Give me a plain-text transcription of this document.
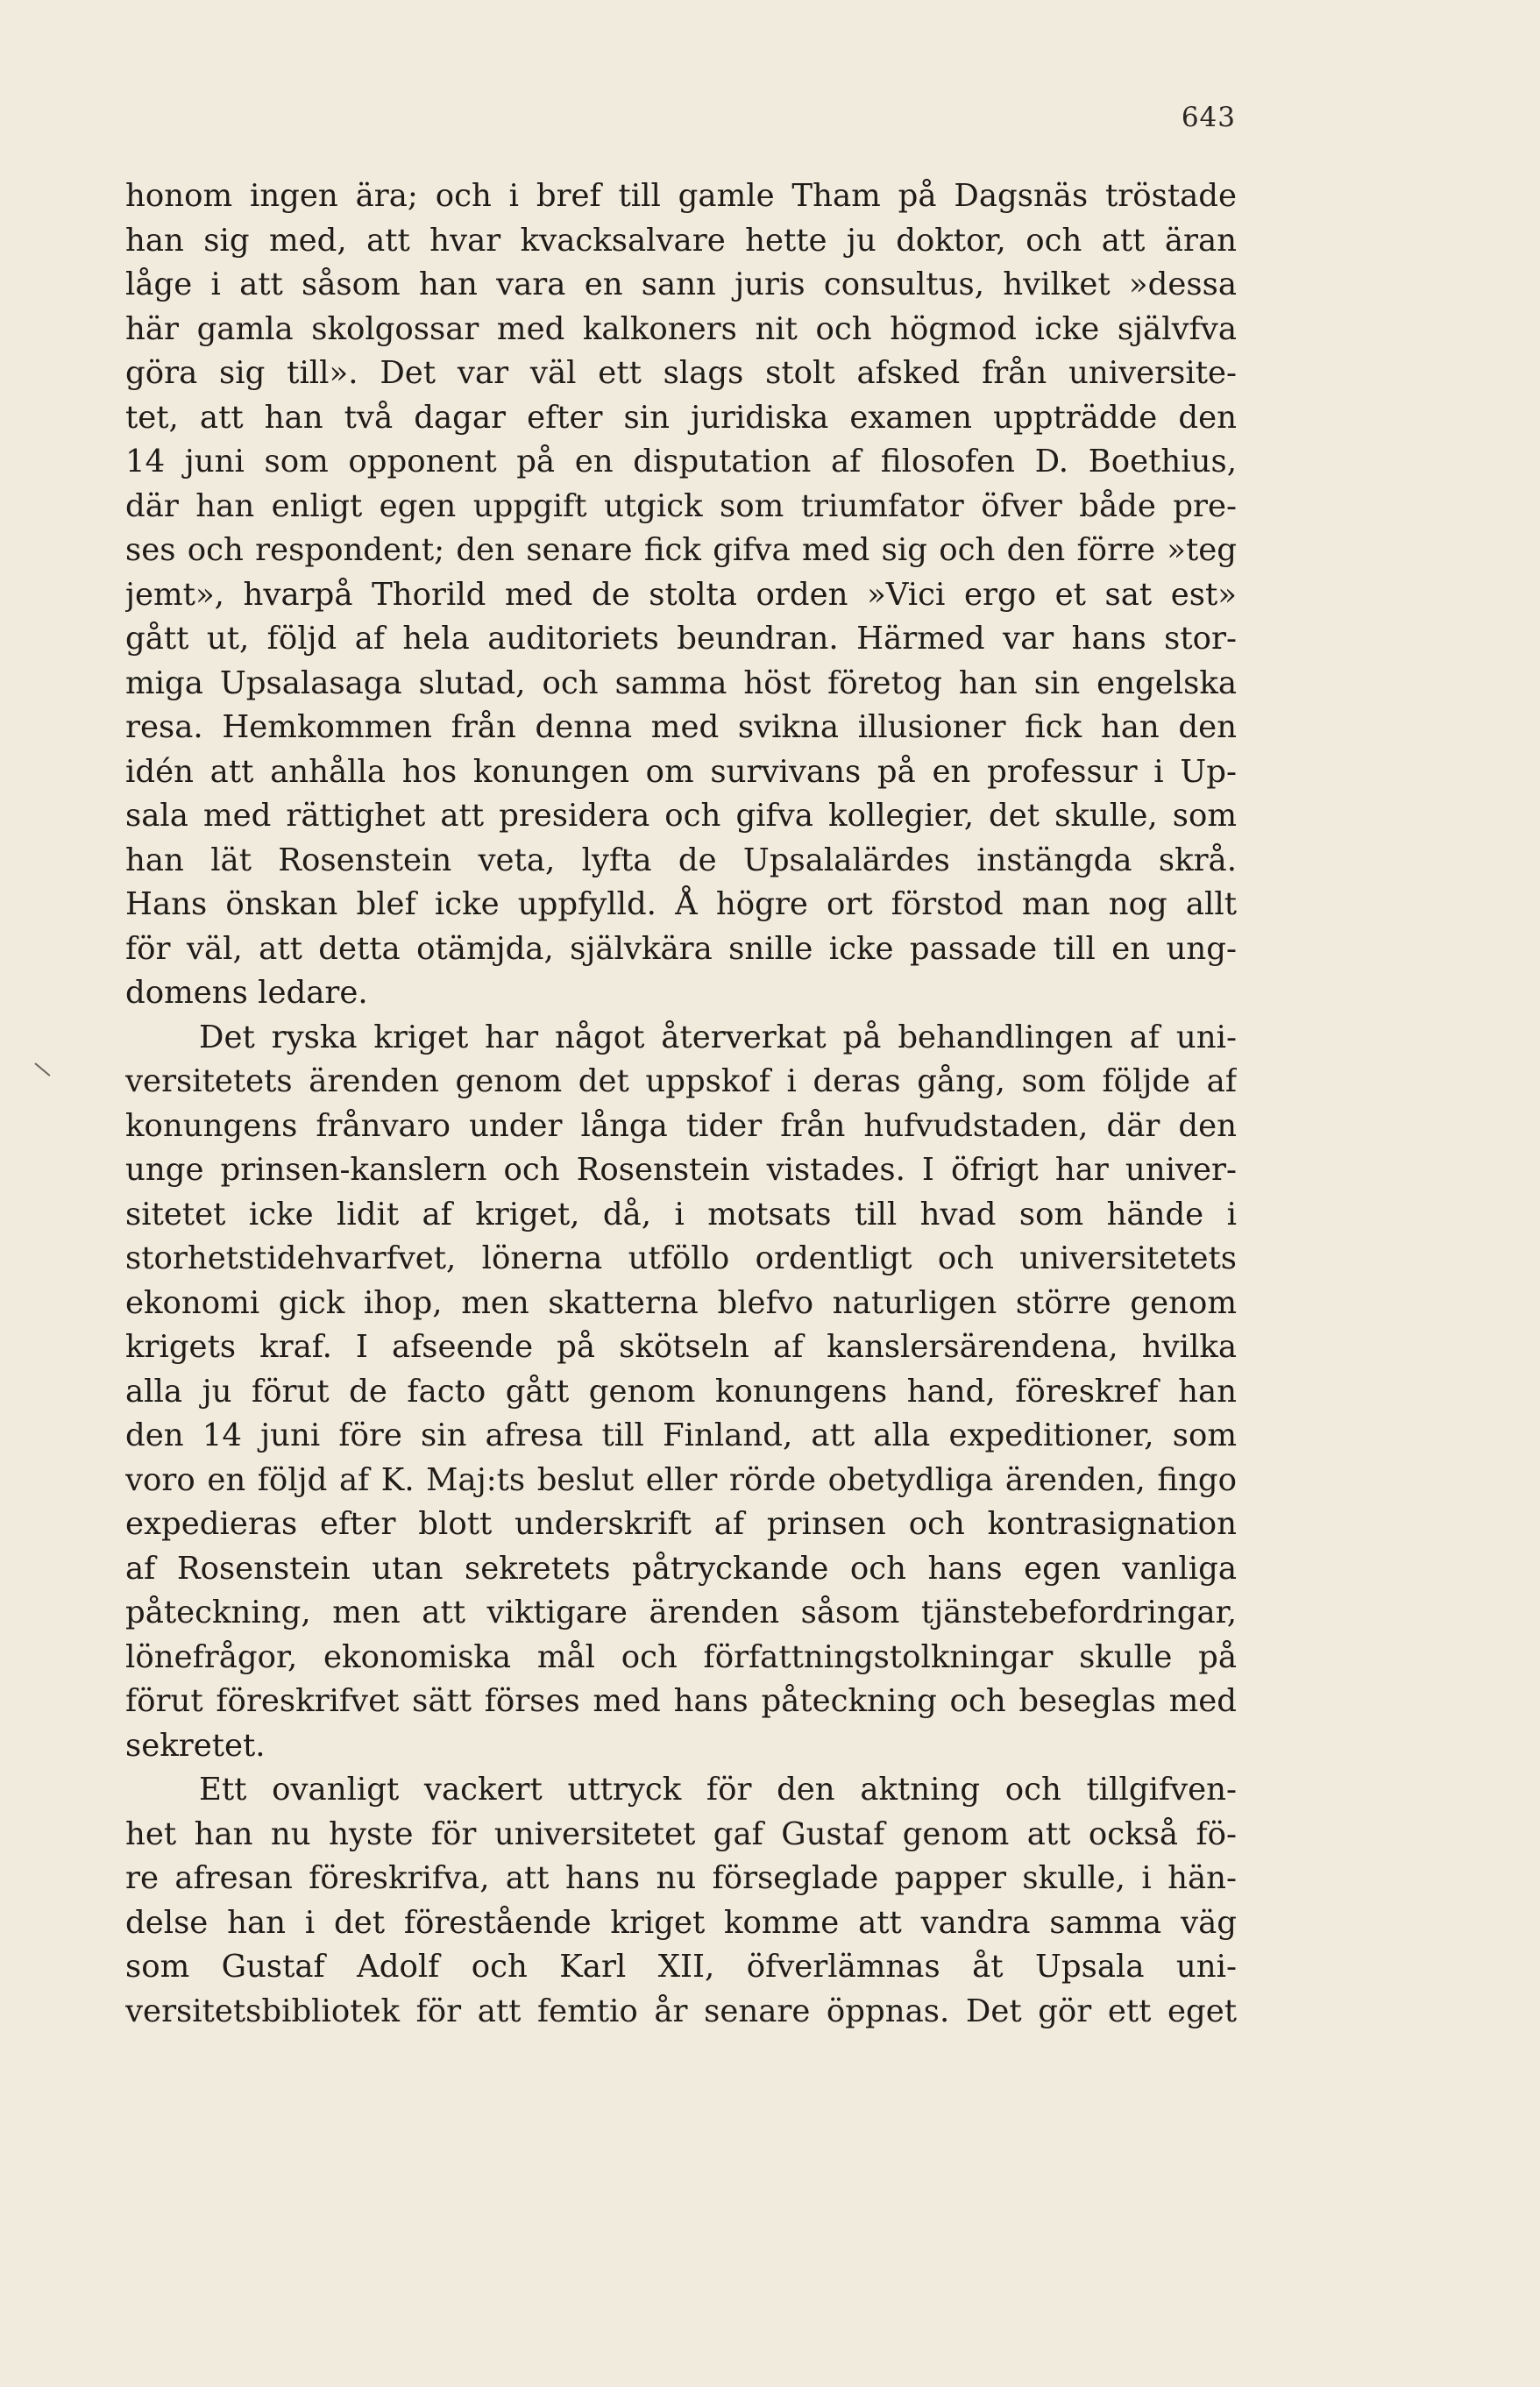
643
honom ingen ära; och i bref till gamle Tham på Dagsnäs tröstade
han sig med, att hvar kvacksalvare hette ju doktor, och att äran
låge i att såsom han vara en sann juris consultus, hvilket »dessa
här gamla skolgossar med kalkoners nit och högmod icke självfva
göra sig till». Det var väl ett slags stolt afsked från universite-
tet, att han två dagar efter sin juridiska examen uppträdde den
14 juni som opponent på en disputation af filosofen D. Boethius,
där han enligt egen uppgift utgick som triumfator öfver både pre-
ses och respondent; den senare fick gifva med sig och den förre »teg
jemt», hvarpå Thorild med de stolta orden »Vici ergo et sat est»
gått ut, följd af hela auditoriets beundran. Härmed var hans stor-
miga Upsalasaga slutad, och samma höst företog han sin engelska
resa. Hemkommen från denna med svikna illusioner fick han den
idén att anhålla hos konungen om survivans på en professur i Up-
sala med rättighet att presidera och gifva kollegier, det skulle, som
han lät Rosenstein veta, lyfta de Upsalalärdes instängda skrå.
Hans önskan blef icke uppfylld. Å högre ort förstod man nog allt
för väl, att detta otämjda, självkära snille icke passade till en ung-
domens ledare.
Det ryska kriget har något återverkat på behandlingen af uni-
versitetets ärenden genom det uppskof i deras gång, som följde af
konungens frånvaro under långa tider från hufvudstaden, där den
unge prinsen-kanslern och Rosenstein vistades. I öfrigt har univer-
sitetet icke lidit af kriget, då, i motsats till hvad som hände i
storhetstidehvarfvet, lönerna utföllo ordentligt och universitetets
ekonomi gick ihop, men skatterna blefvo naturligen större genom
krigets kraf. I afseende på skötseln af kanslersärendena, hvilka
alla ju förut de facto gått genom konungens hand, föreskref han
den 14 juni före sin afresa till Finland, att alla expeditioner, som
voro en följd af K. Maj:ts beslut eller rörde obetydliga ärenden, fingo
expedieras efter blott underskrift af prinsen och kontrasignation
af Rosenstein utan sekretets påtryckande och hans egen vanliga
påteckning, men att viktigare ärenden såsom tjänstebefordringar,
lönefrågor, ekonomiska mål och författningstolkningar skulle på
förut föreskrifvet sätt förses med hans påteckning och beseglas med
sekretet.
Ett ovanligt vackert uttryck för den aktning och tillgifven-
het han nu hyste för universitetet gaf Gustaf genom att också fö-
re afresan föreskrifva, att hans nu förseglade papper skulle, i hän-
delse han i det förestående kriget komme att vandra samma väg
som Gustaf Adolf och Karl XII, öfverlämnas åt Upsala uni-
versitetsbibliotek för att femtio år senare öppnas. Det gör ett eget
